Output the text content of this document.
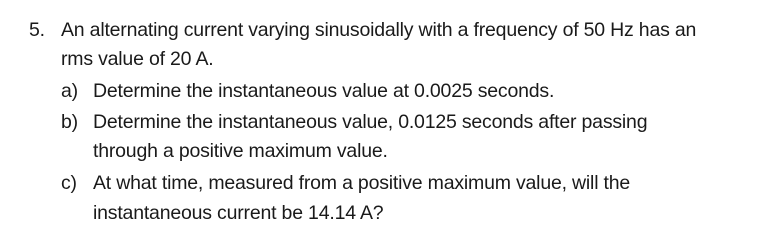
5. An alternating current varying sinusoidally with a frequency of 50 Hz has an
rms value of 20 A.
a) Determine the instantaneous value at 0.0025 seconds.
b) Determine the instantaneous value, 0.0125 seconds after passing
through a positive maximum value.
c) At what time, measured from a positive maximum value, will the
instantaneous current be 14.14 A?
